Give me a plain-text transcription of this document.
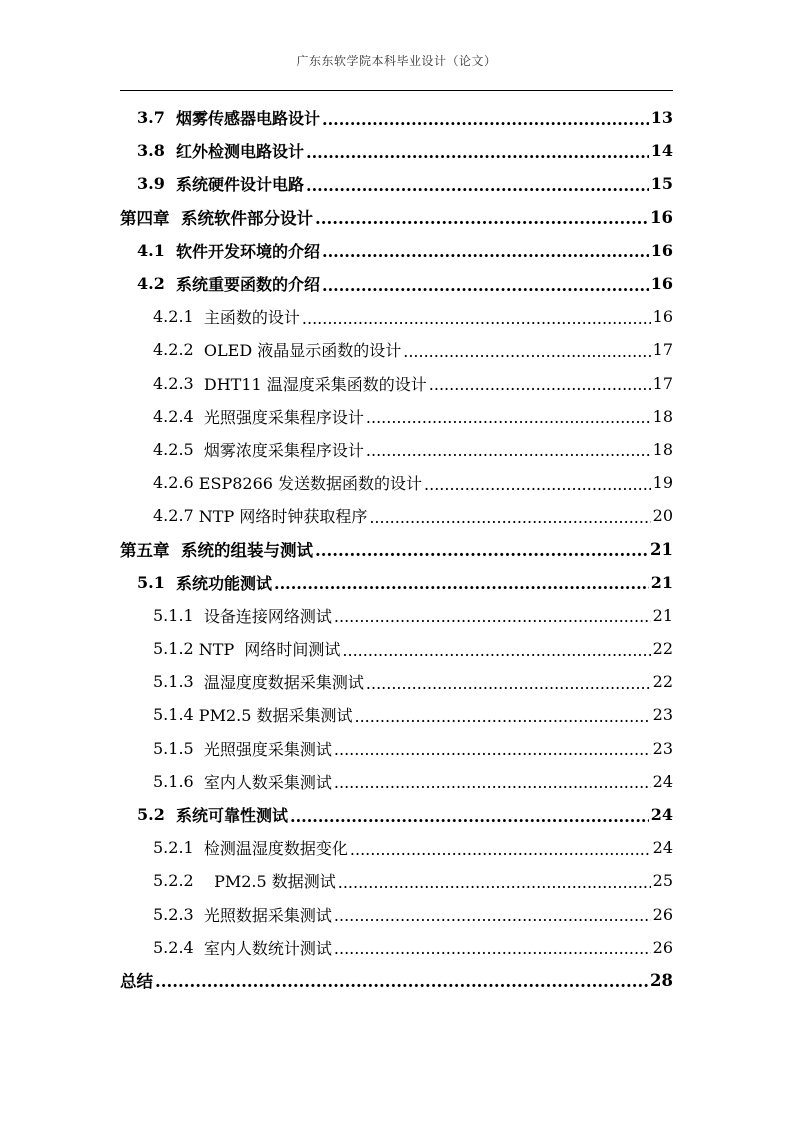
广东东软学院本科毕业设计（论文）
3.7 烟雾传感器电路设计 .....	13
3.8 红外检测电路设计 .....	14
3.9 系统硬件设计电路 .....	15
第四章 系统软件部分设计 .....	16
4.1 软件开发环境的介绍 .....	16
4.2 系统重要函数的介绍 .....	16
4.2.1 主函数的设计 .....	16
4.2.2 OLED 液晶显示函数的设计 .....	17
4.2.3 DHT11 温湿度采集函数的设计 .....	17
4.2.4 光照强度采集程序设计 .....	18
4.2.5 烟雾浓度采集程序设计 .....	18
4.2.6 ESP8266 发送数据函数的设计 .....	19
4.2.7 NTP 网络时钟获取程序 .....	20
第五章 系统的组装与测试 .....	21
5.1 系统功能测试 .....	21
5.1.1 设备连接网络测试 .....	21
5.1.2 NTP  网络时间测试 .....	22
5.1.3 温湿度度数据采集测试 .....	22
5.1.4 PM2.5 数据采集测试 .....	23
5.1.5 光照强度采集测试 .....	23
5.1.6 室内人数采集测试 .....	24
5.2 系统可靠性测试 .....	24
5.2.1 检测温湿度数据变化 .....	24
5.2.2 PM2.5 数据测试 .....	25
5.2.3 光照数据采集测试 .....	26
5.2.4 室内人数统计测试 .....	26
总结 .....	28
